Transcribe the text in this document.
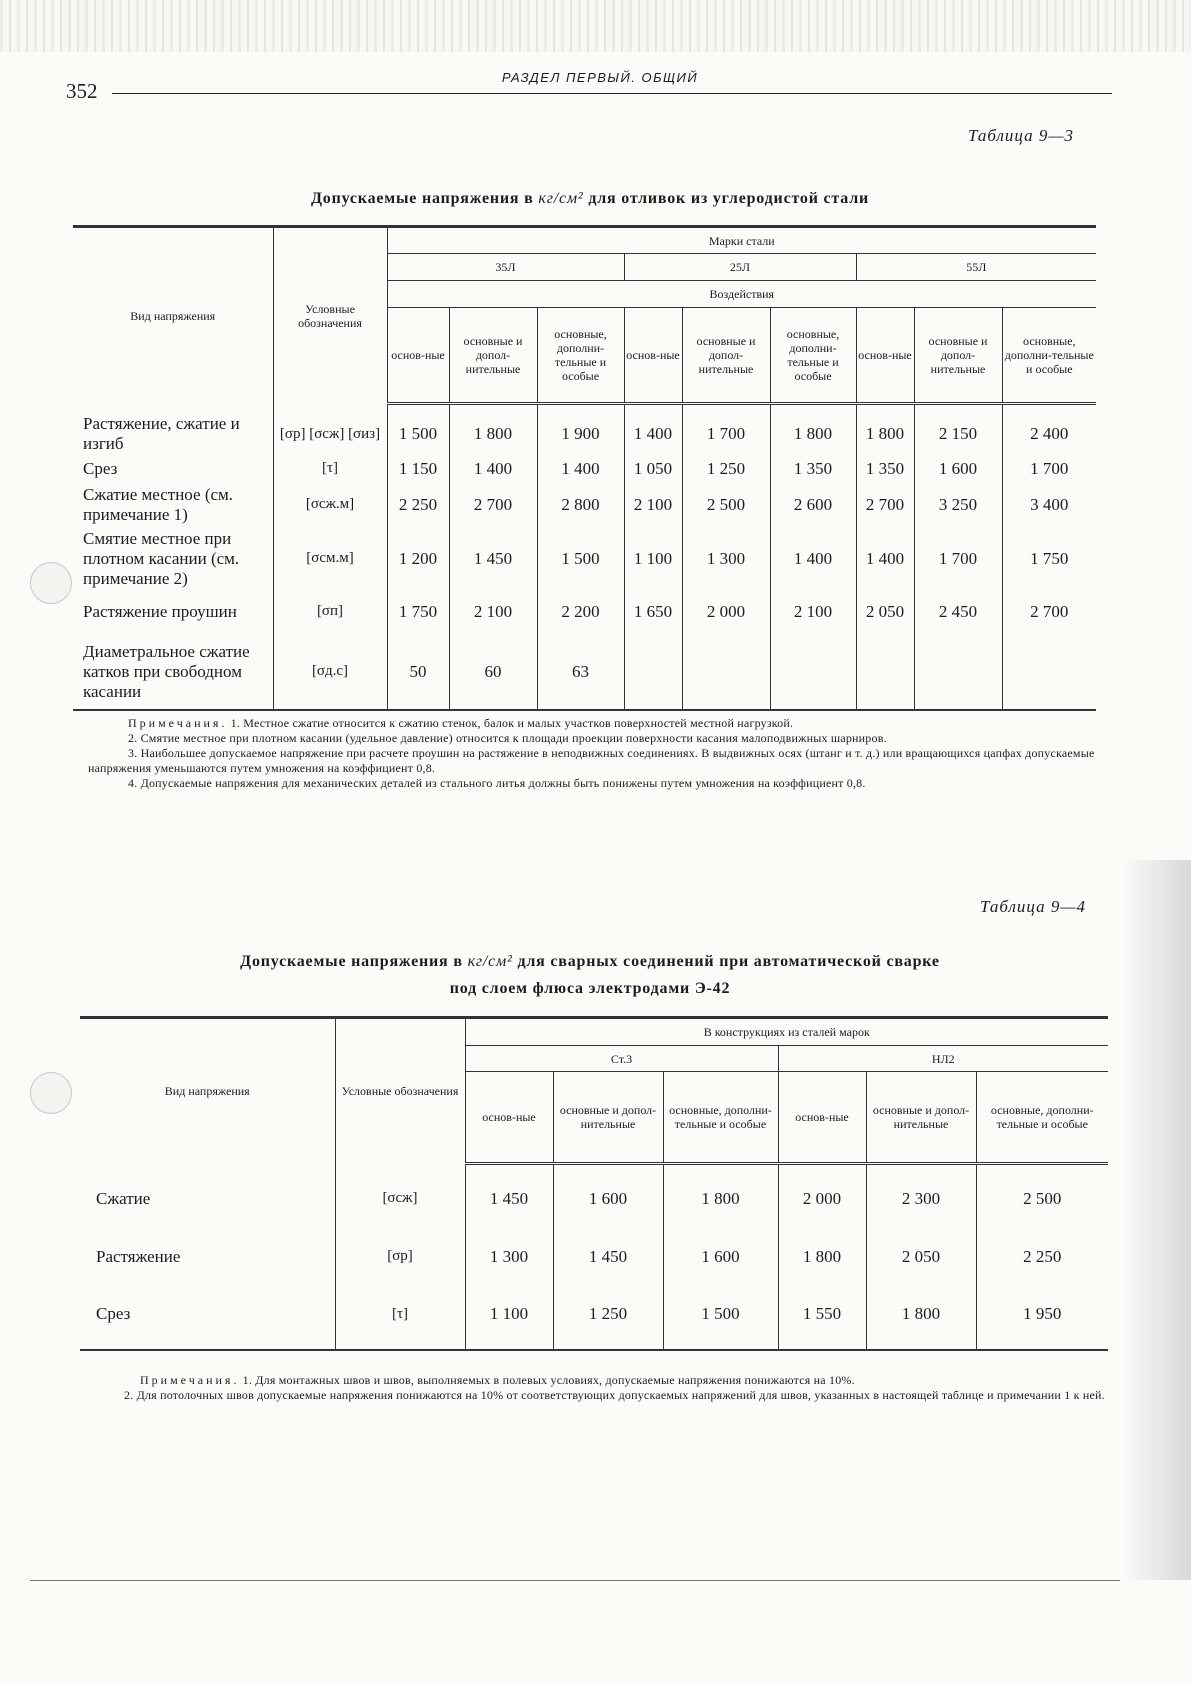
352
РАЗДЕЛ ПЕРВЫЙ. ОБЩИЙ
Таблица 9—3
Допускаемые напряжения в кг/см² для отливок из углеродистой стали
Вид напряжения	Условные обозначения	Марки стали								
		35Л			25Л			55Л		
		Воздействия								
		основ-ные	основные и допол-нительные	основные, дополни-тельные и особые	основ-ные	основные и допол-нительные	основные, дополни-тельные и особые	основ-ные	основные и допол-нительные	основные, дополни-тельные и особые

Растяжение, сжатие и изгиб	[σр] [σсж] [σиз]	1 500	1 800	1 900	1 400	1 700	1 800	1 800	2 150	2 400
Срез	[τ]	1 150	1 400	1 400	1 050	1 250	1 350	1 350	1 600	1 700
Сжатие местное (см. примечание 1)	[σсж.м]	2 250	2 700	2 800	2 100	2 500	2 600	2 700	3 250	3 400
Смятие местное при плотном касании (см. примечание 2)	[σсм.м]	1 200	1 450	1 500	1 100	1 300	1 400	1 400	1 700	1 750
Растяжение проушин	[σп]	1 750	2 100	2 200	1 650	2 000	2 100	2 050	2 450	2 700
Диаметральное сжатие катков при свободном касании	[σд.с]	50	60	63						

Примечания. 1. Местное сжатие относится к сжатию стенок, балок и малых участков поверхностей местной нагрузкой.

2. Смятие местное при плотном касании (удельное давление) относится к площади проекции поверхности касания малоподвижных шарниров.

3. Наибольшее допускаемое напряжение при расчете проушин на растяжение в неподвижных соединениях. В выдвижных осях (штанг и т. д.) или вращающихся цапфах допускаемые напряжения уменьшаются путем умножения на коэффициент 0,8.

4. Допускаемые напряжения для механических деталей из стального литья должны быть понижены путем умножения на коэффициент 0,8.

Таблица 9—4
Допускаемые напряжения в кг/см² для сварных соединений при автоматической сварке
под слоем флюса электродами Э-42
Вид напряжения	Условные обозначения	В конструкциях из сталей марок					
		Ст.3			НЛ2		
		основ-ные	основные и допол-нительные	основные, дополни-тельные и особые	основ-ные	основные и допол-нительные	основные, дополни-тельные и особые
Сжатие	[σсж]	1 450	1 600	1 800	2 000	2 300	2 500
Растяжение	[σр]	1 300	1 450	1 600	1 800	2 050	2 250
Срез	[τ]	1 100	1 250	1 500	1 550	1 800	1 950

Примечания. 1. Для монтажных швов и швов, выполняемых в полевых условиях, допускаемые напряжения понижаются на 10%.

2. Для потолочных швов допускаемые напряжения понижаются на 10% от соответствующих допускаемых напряжений для швов, указанных в настоящей таблице и примечании 1 к ней.
